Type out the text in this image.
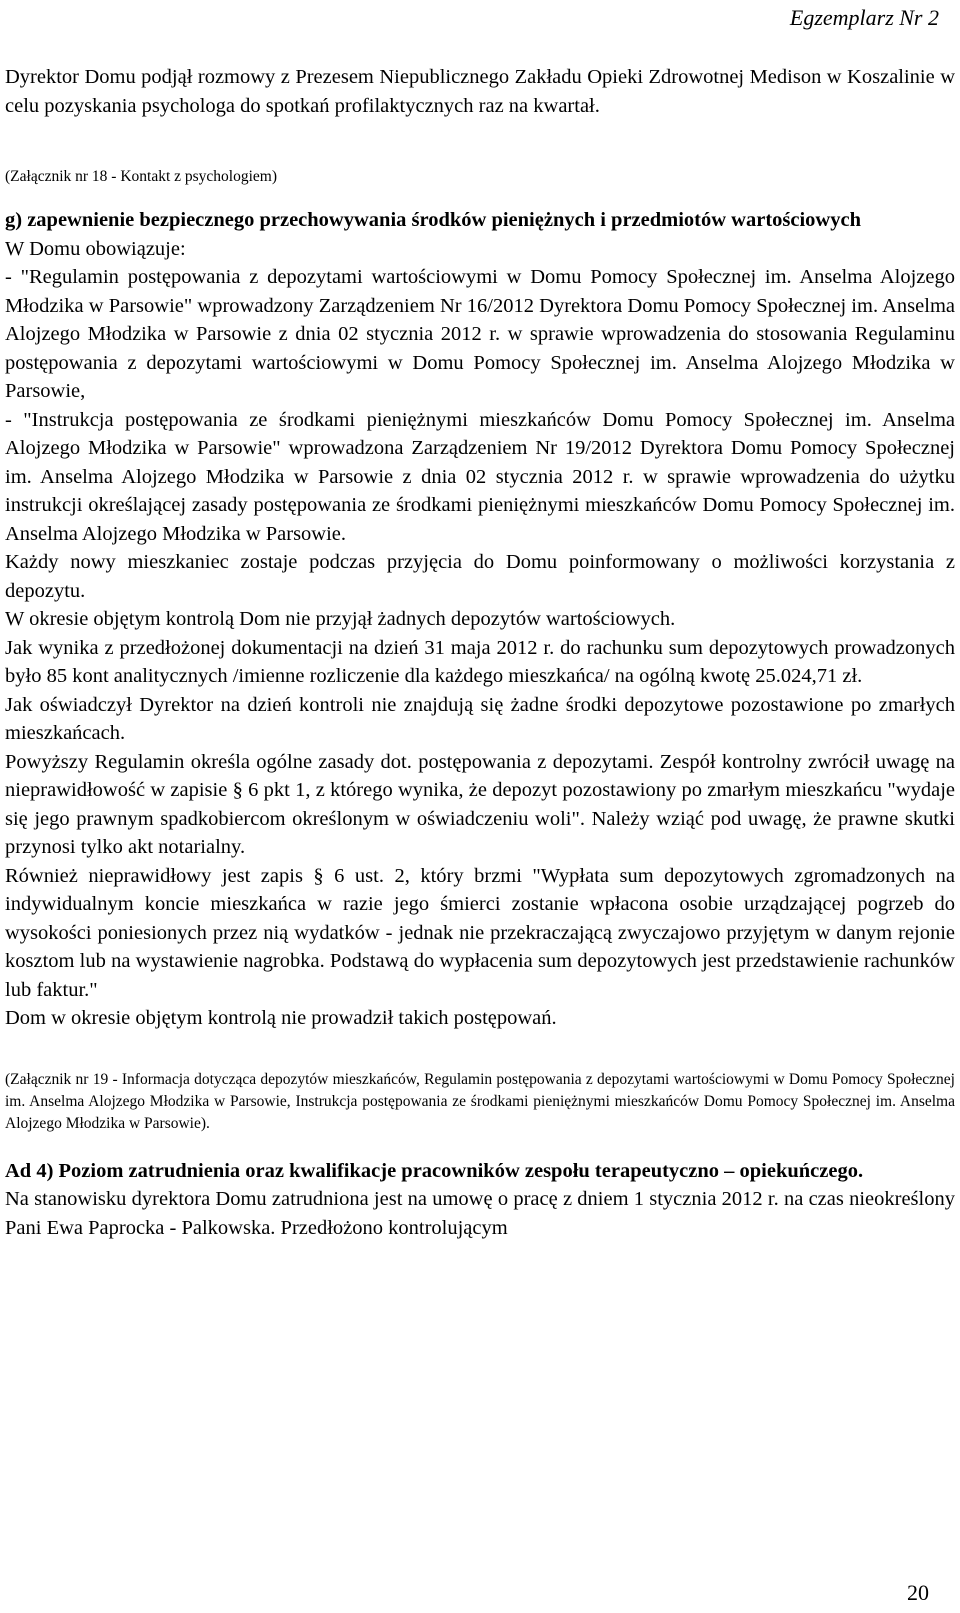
Egzemplarz Nr 2

Dyrektor Domu podjął rozmowy z Prezesem Niepublicznego Zakładu Opieki Zdrowotnej Medison w Koszalinie w celu pozyskania psychologa do spotkań profilaktycznych raz na kwartał.

(Załącznik nr 18 - Kontakt z psychologiem)

g) zapewnienie bezpiecznego przechowywania środków pieniężnych i przedmiotów wartościowych

W Domu obowiązuje:

- "Regulamin postępowania z depozytami wartościowymi w Domu Pomocy Społecznej im. Anselma Alojzego Młodzika w Parsowie" wprowadzony Zarządzeniem Nr 16/2012 Dyrektora Domu Pomocy Społecznej im. Anselma Alojzego Młodzika w Parsowie z dnia 02 stycznia 2012 r. w sprawie wprowadzenia do stosowania Regulaminu postępowania z depozytami wartościowymi w Domu Pomocy Społecznej im. Anselma Alojzego Młodzika w Parsowie,

- "Instrukcja postępowania ze środkami pieniężnymi mieszkańców Domu Pomocy Społecznej im. Anselma Alojzego Młodzika w Parsowie" wprowadzona Zarządzeniem Nr 19/2012 Dyrektora Domu Pomocy Społecznej im. Anselma Alojzego Młodzika w Parsowie z dnia 02 stycznia 2012 r. w sprawie wprowadzenia do użytku instrukcji określającej zasady postępowania ze środkami pieniężnymi mieszkańców Domu Pomocy Społecznej im. Anselma Alojzego Młodzika w Parsowie.

Każdy nowy mieszkaniec zostaje podczas przyjęcia do Domu poinformowany o możliwości korzystania z depozytu.

W okresie objętym kontrolą Dom nie przyjął żadnych depozytów wartościowych.

Jak wynika z przedłożonej dokumentacji na dzień 31 maja 2012 r. do rachunku sum depozytowych prowadzonych było 85 kont analitycznych /imienne rozliczenie dla każdego mieszkańca/ na ogólną kwotę 25.024,71 zł.

Jak oświadczył Dyrektor na dzień kontroli nie znajdują się żadne środki depozytowe pozostawione po zmarłych mieszkańcach.

Powyższy Regulamin określa ogólne zasady dot. postępowania z depozytami. Zespół kontrolny zwrócił uwagę na nieprawidłowość w zapisie § 6 pkt 1, z którego wynika, że depozyt pozostawiony po zmarłym mieszkańcu "wydaje się jego prawnym spadkobiercom określonym w oświadczeniu woli". Należy wziąć pod uwagę, że prawne skutki przynosi tylko akt notarialny.

Również nieprawidłowy jest zapis § 6 ust. 2, który brzmi "Wypłata sum depozytowych zgromadzonych na indywidualnym koncie mieszkańca w razie jego śmierci zostanie wpłacona osobie urządzającej pogrzeb do wysokości poniesionych przez nią wydatków - jednak nie przekraczającą zwyczajowo przyjętym w danym rejonie kosztom lub na wystawienie nagrobka. Podstawą do wypłacenia sum depozytowych jest przedstawienie rachunków lub faktur."

Dom w okresie objętym kontrolą nie prowadził takich postępowań.

(Załącznik nr 19 - Informacja dotycząca depozytów mieszkańców, Regulamin postępowania z depozytami wartościowymi w Domu Pomocy Społecznej im. Anselma Alojzego Młodzika w Parsowie, Instrukcja postępowania ze środkami pieniężnymi mieszkańców Domu Pomocy Społecznej im. Anselma Alojzego Młodzika w Parsowie).

Ad 4) Poziom zatrudnienia oraz kwalifikacje pracowników zespołu terapeutyczno – opiekuńczego.

Na stanowisku dyrektora Domu zatrudniona jest na umowę o pracę z dniem 1 stycznia 2012 r. na czas nieokreślony Pani Ewa Paprocka - Palkowska. Przedłożono kontrolującym

20
